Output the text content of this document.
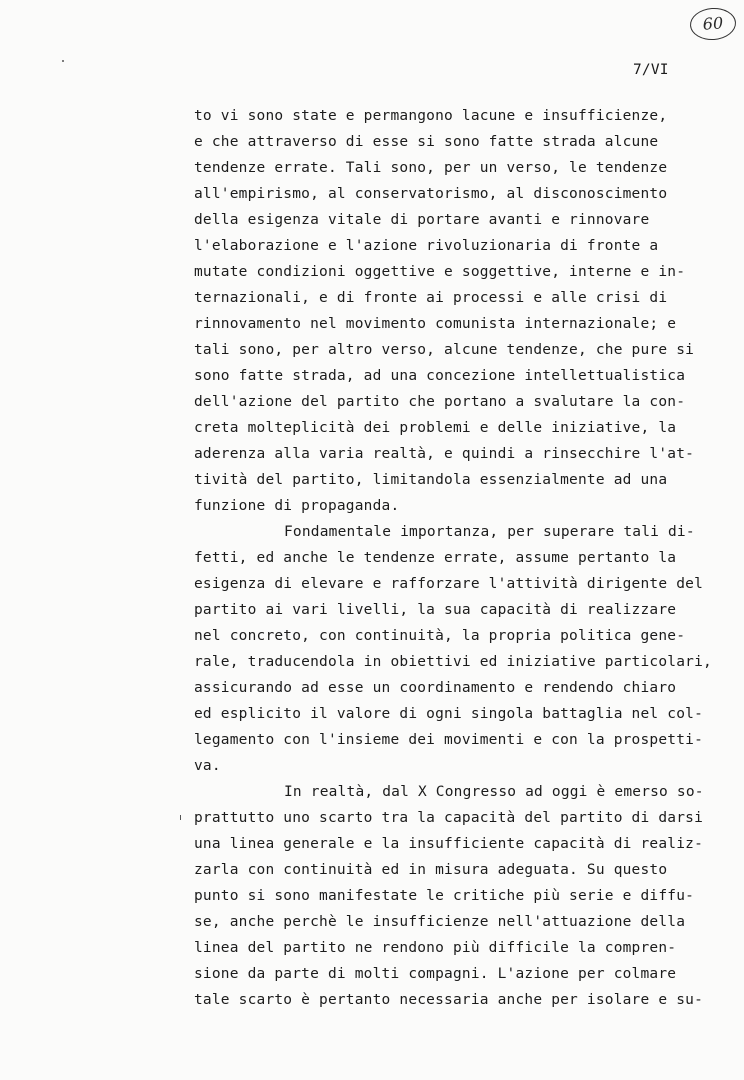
60
7/VI
to vi sono state e permangono lacune e insufficienze,
e che attraverso di esse si sono fatte strada alcune
tendenze errate. Tali sono, per un verso, le tendenze
all'empirismo, al conservatorismo, al disconoscimento
della esigenza vitale di portare avanti e rinnovare
l'elaborazione e l'azione rivoluzionaria di fronte a
mutate condizioni oggettive e soggettive, interne e in-
ternazionali, e di fronte ai processi e alle crisi di
rinnovamento nel movimento comunista internazionale; e
tali sono, per altro verso, alcune tendenze, che pure si
sono fatte strada, ad una concezione intellettualistica
dell'azione del partito che portano a svalutare la con-
creta molteplicità dei problemi e delle iniziative, la
aderenza alla varia realtà, e quindi a rinsecchire l'at-
tività del partito, limitandola essenzialmente ad una
funzione di propaganda.
Fondamentale importanza, per superare tali di-
fetti, ed anche le tendenze errate, assume pertanto la
esigenza di elevare e rafforzare l'attività dirigente del
partito ai vari livelli, la sua capacità di realizzare
nel concreto, con continuità, la propria politica gene-
rale, traducendola in obiettivi ed iniziative particolari,
assicurando ad esse un coordinamento e rendendo chiaro
ed esplicito il valore di ogni singola battaglia nel col-
legamento con l'insieme dei movimenti e con la prospetti-
va.
In realtà, dal X Congresso ad oggi è emerso so-
prattutto uno scarto tra la capacità del partito di darsi
una linea generale e la insufficiente capacità di realiz-
zarla con continuità ed in misura adeguata. Su questo
punto si sono manifestate le critiche più serie e diffu-
se, anche perchè le insufficienze nell'attuazione della
linea del partito ne rendono più difficile la compren-
sione da parte di molti compagni. L'azione per colmare
tale scarto è pertanto necessaria anche per isolare e su-
